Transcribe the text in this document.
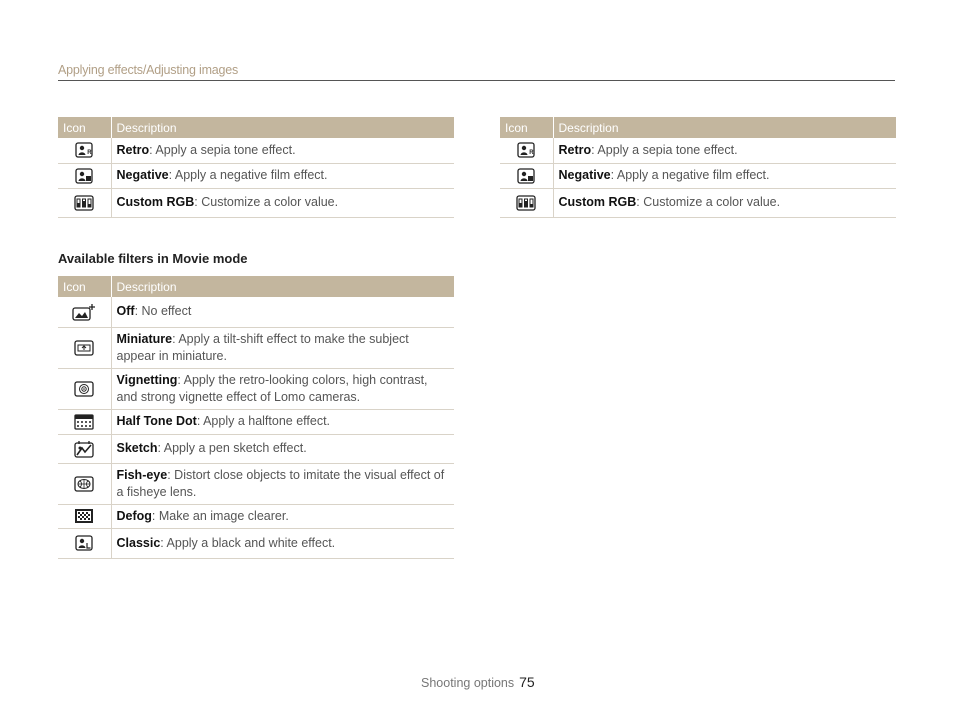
Applying effects/Adjusting images
Icon	Description

R	Retro: Apply a sepia tone effect.
	Negative: Apply a negative film effect.
	Custom RGB: Customize a color value.
Icon	Description

R	Retro: Apply a sepia tone effect.
	Negative: Apply a negative film effect.
	Custom RGB: Customize a color value.
Available filters in Movie mode
Icon	Description
	Off: No effect
	Miniature: Apply a tilt-shift effect to make the subject appear in miniature.
	Vignetting: Apply the retro-looking colors, high contrast, and strong vignette effect of Lomo cameras.
	Half Tone Dot: Apply a halftone effect.
	Sketch: Apply a pen sketch effect.
	Fish-eye: Distort close objects to imitate the visual effect of a fisheye lens.
	Defog: Make an image clearer.
	Classic: Apply a black and white effect.
Shooting options 75
